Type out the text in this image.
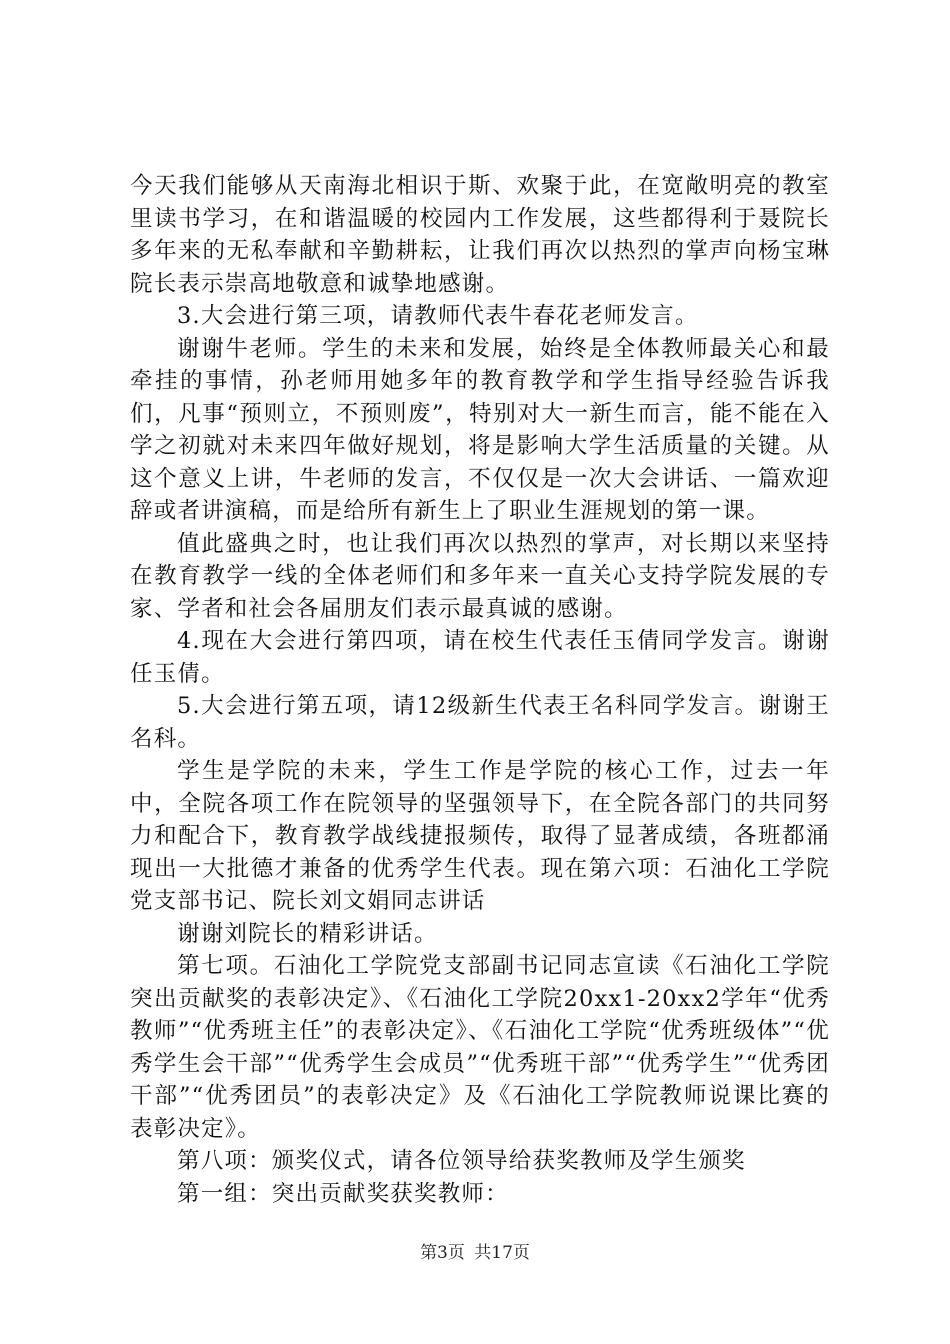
今天我们能够从天南海北相识于斯、欢聚于此，在宽敞明亮的教室里读书学习，在和谐温暖的校园内工作发展，这些都得利于聂院长多年来的无私奉献和辛勤耕耘，让我们再次以热烈的掌声向杨宝琳院长表示崇高地敬意和诚挚地感谢。

3.大会进行第三项，请教师代表牛春花老师发言。

谢谢牛老师。学生的未来和发展，始终是全体教师最关心和最牵挂的事情，孙老师用她多年的教育教学和学生指导经验告诉我们，凡事“预则立，不预则废”，特别对大一新生而言，能不能在入学之初就对未来四年做好规划，将是影响大学生活质量的关键。从这个意义上讲，牛老师的发言，不仅仅是一次大会讲话、一篇欢迎辞或者讲演稿，而是给所有新生上了职业生涯规划的第一课。

值此盛典之时，也让我们再次以热烈的掌声，对长期以来坚持在教育教学一线的全体老师们和多年来一直关心支持学院发展的专家、学者和社会各届朋友们表示最真诚的感谢。

4.现在大会进行第四项，请在校生代表任玉倩同学发言。谢谢任玉倩。

5.大会进行第五项，请12级新生代表王名科同学发言。谢谢王名科。

学生是学院的未来，学生工作是学院的核心工作，过去一年中，全院各项工作在院领导的坚强领导下，在全院各部门的共同努力和配合下，教育教学战线捷报频传，取得了显著成绩，各班都涌现出一大批德才兼备的优秀学生代表。现在第六项：石油化工学院党支部书记、院长刘文娟同志讲话

谢谢刘院长的精彩讲话。

第七项。石油化工学院党支部副书记同志宣读《石油化工学院突出贡献奖的表彰决定》、《石油化工学院20xx1-20xx2学年“优秀教师”“优秀班主任”的表彰决定》、《石油化工学院“优秀班级体”“优秀学生会干部”“优秀学生会成员”“优秀班干部”“优秀学生”“优秀团干部”“优秀团员”的表彰决定》及《石油化工学院教师说课比赛的表彰决定》。

第八项：颁奖仪式，请各位领导给获奖教师及学生颁奖

第一组：突出贡献奖获奖教师：

第3页 共17页
